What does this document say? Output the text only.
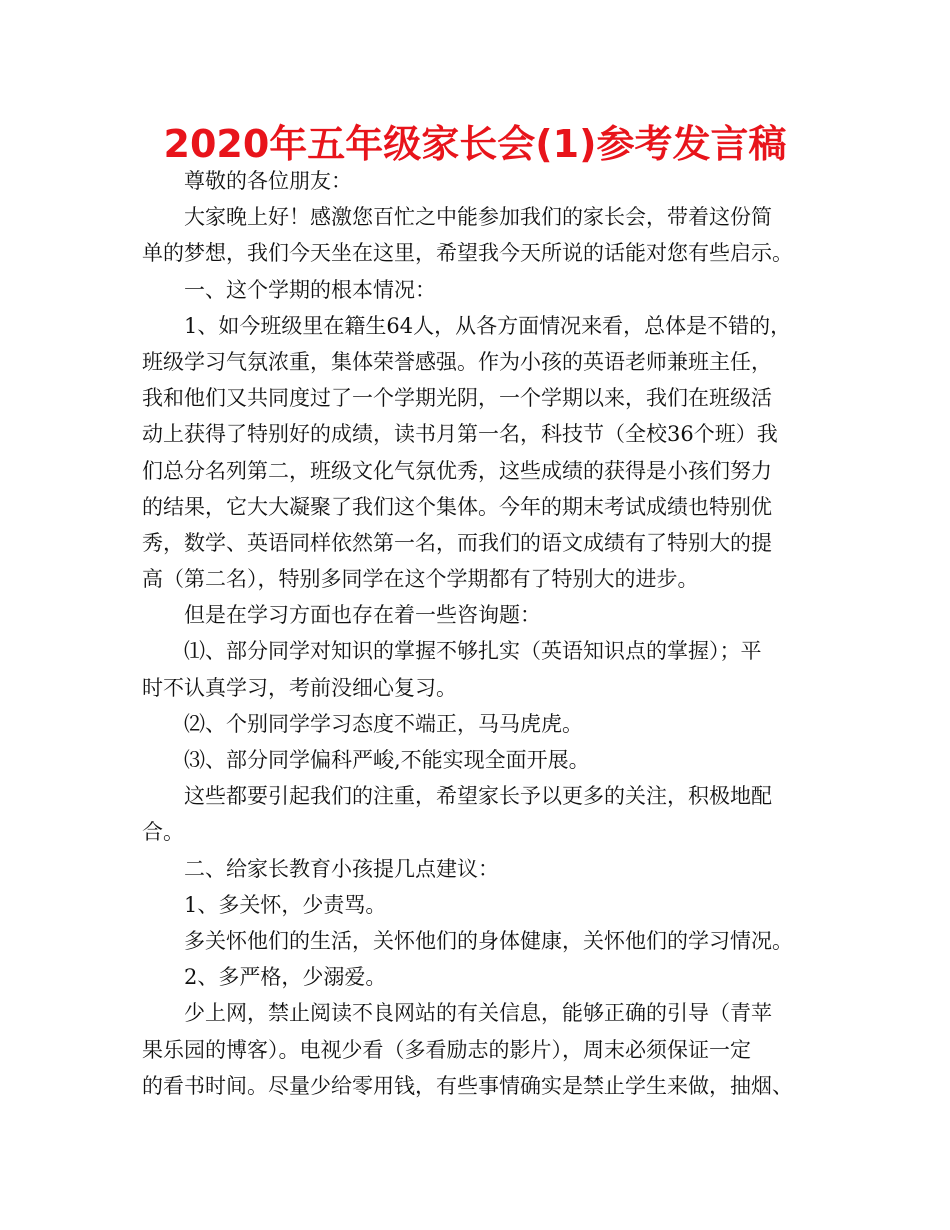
2020年五年级家长会(1)参考发言稿
尊敬的各位朋友：
大家晚上好！感激您百忙之中能参加我们的家长会，带着这份简
单的梦想，我们今天坐在这里，希望我今天所说的话能对您有些启示。
一、这个学期的根本情况：
1、如今班级里在籍生64人，从各方面情况来看，总体是不错的，
班级学习气氛浓重，集体荣誉感强。作为小孩的英语老师兼班主任，
我和他们又共同度过了一个学期光阴，一个学期以来，我们在班级活
动上获得了特别好的成绩，读书月第一名，科技节（全校36个班）我
们总分名列第二，班级文化气氛优秀，这些成绩的获得是小孩们努力
的结果，它大大凝聚了我们这个集体。今年的期末考试成绩也特别优
秀，数学、英语同样依然第一名，而我们的语文成绩有了特别大的提
高（第二名），特别多同学在这个学期都有了特别大的进步。
但是在学习方面也存在着一些咨询题：
⑴、部分同学对知识的掌握不够扎实（英语知识点的掌握）；平
时不认真学习，考前没细心复习。
⑵、个别同学学习态度不端正，马马虎虎。
⑶、部分同学偏科严峻,不能实现全面开展。
这些都要引起我们的注重，希望家长予以更多的关注，积极地配
合。
二、给家长教育小孩提几点建议：
1、多关怀，少责骂。
多关怀他们的生活，关怀他们的身体健康，关怀他们的学习情况。
2、多严格，少溺爱。
少上网，禁止阅读不良网站的有关信息，能够正确的引导（青苹
果乐园的博客）。电视少看（多看励志的影片），周末必须保证一定
的看书时间。尽量少给零用钱，有些事情确实是禁止学生来做，抽烟、
